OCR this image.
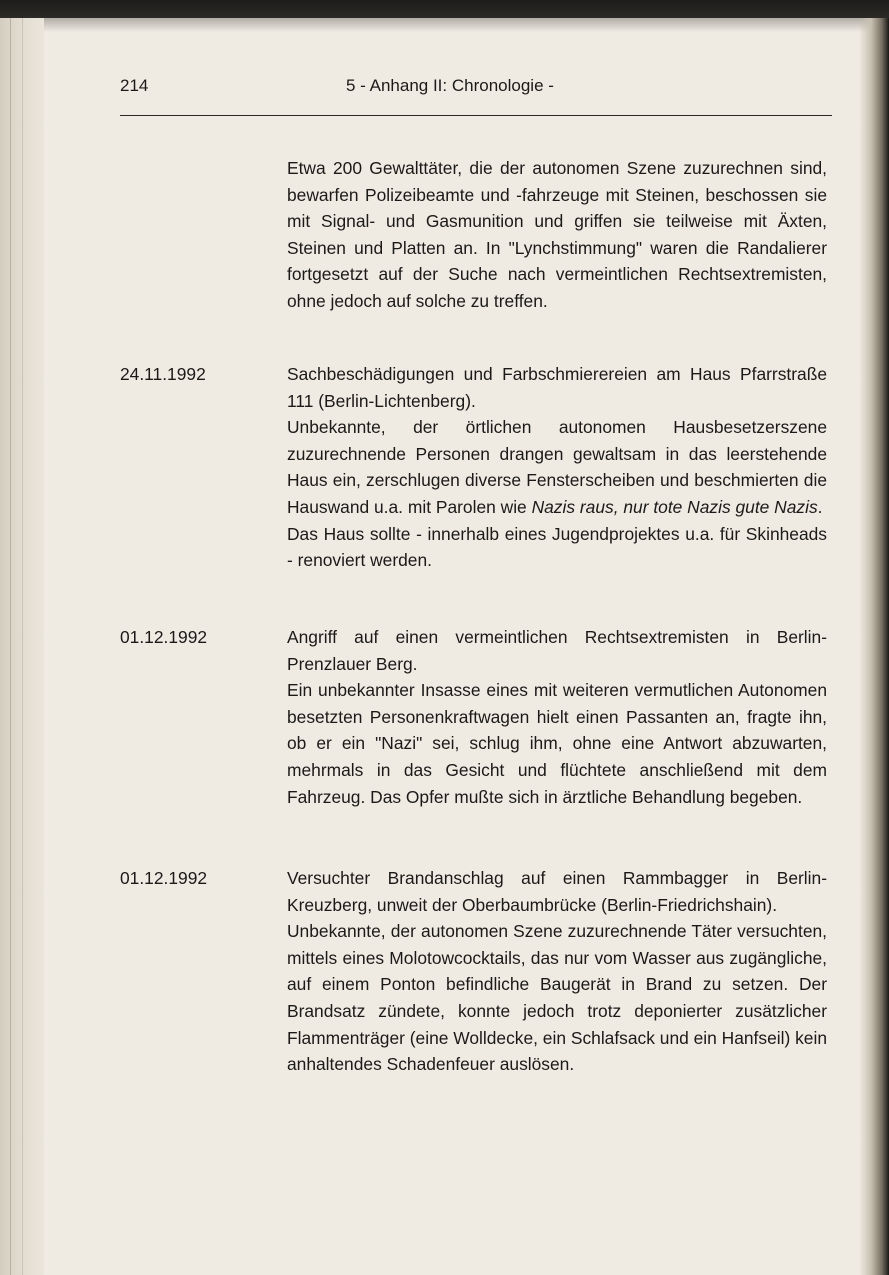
214	5 - Anhang II: Chronologie -

Etwa 200 Gewalttäter, die der autonomen Szene zuzurechnen sind, bewarfen Polizeibeamte und -fahrzeuge mit Steinen, beschossen sie mit Signal- und Gasmunition und griffen sie teilweise mit Äxten, Steinen und Platten an. In "Lynchstimmung" waren die Randalierer fortgesetzt auf der Suche nach vermeintlichen Rechtsextremisten, ohne jedoch auf solche zu treffen.

24.11.1992	Sachbeschädigungen und Farbschmierereien am Haus Pfarrstraße 111 (Berlin-Lichtenberg).

Unbekannte, der örtlichen autonomen Hausbesetzerszene zuzurechnende Personen drangen gewaltsam in das leerstehende Haus ein, zerschlugen diverse Fensterscheiben und beschmierten die Hauswand u.a. mit Parolen wie Nazis raus, nur tote Nazis gute Nazis.

Das Haus sollte - innerhalb eines Jugendprojektes u.a. für Skinheads - renoviert werden.

01.12.1992	Angriff auf einen vermeintlichen Rechtsextremisten in Berlin-Prenzlauer Berg.

Ein unbekannter Insasse eines mit weiteren vermutlichen Autonomen besetzten Personenkraftwagen hielt einen Passanten an, fragte ihn, ob er ein "Nazi" sei, schlug ihm, ohne eine Antwort abzuwarten, mehrmals in das Gesicht und flüchtete anschließend mit dem Fahrzeug. Das Opfer mußte sich in ärztliche Behandlung begeben.

01.12.1992	Versuchter Brandanschlag auf einen Rammbagger in Berlin-Kreuzberg, unweit der Oberbaumbrücke (Berlin-Friedrichshain).

Unbekannte, der autonomen Szene zuzurechnende Täter versuchten, mittels eines Molotowcocktails, das nur vom Wasser aus zugängliche, auf einem Ponton befindliche Baugerät in Brand zu setzen. Der Brandsatz zündete, konnte jedoch trotz deponierter zusätzlicher Flammenträger (eine Wolldecke, ein Schlafsack und ein Hanfseil) kein anhaltendes Schadenfeuer auslösen.
